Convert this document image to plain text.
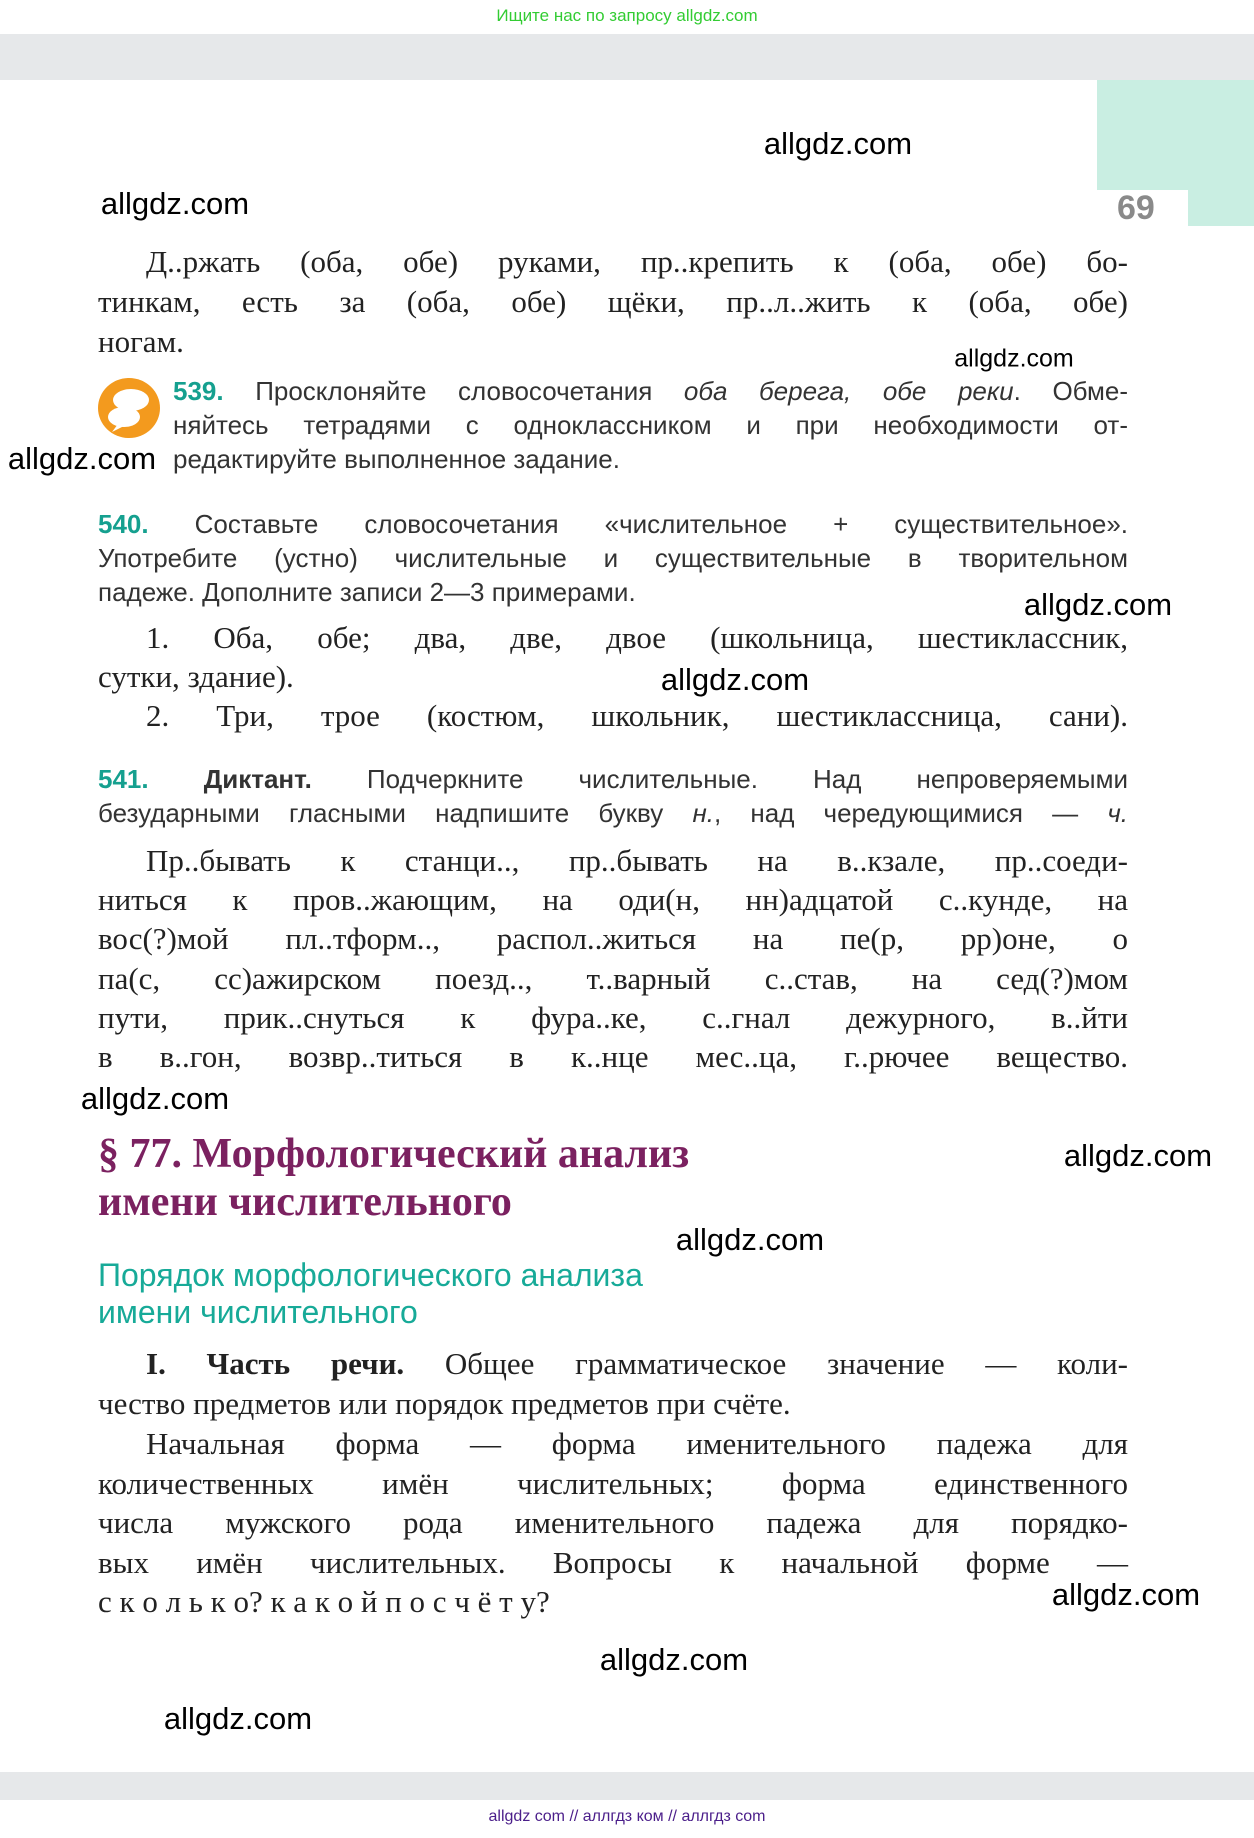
Ищите нас по запросу allgdz.com
69
Д..ржать (оба, обе) руками, пр..крепить к (оба, обе) бо-
тинкам, есть за (оба, обе) щёки, пр..л..жить к (оба, обе)
ногам.
539. Просклоняйте словосочетания оба берега, обе реки. Обме-
няйтесь тетрадями с одноклассником и при необходимости от-
редактируйте выполненное задание.
540. Составьте словосочетания «числительное + существительное».
Употребите (устно) числительные и существительные в творительном
падеже. Дополните записи 2—3 примерами.
1. Оба, обе; два, две, двое (школьница, шестиклассник,
сутки, здание).
2. Три, трое (костюм, школьник, шестиклассница, сани).
541. Диктант. Подчеркните числительные. Над непроверяемыми
безударными гласными надпишите букву н., над чередующимися — ч.
Пр..бывать к станци.., пр..бывать на в..кзале, пр..соеди-
ниться к пров..жающим, на оди(н, нн)адцатой с..кунде, на
вос(?)мой пл..тформ.., распол..житься на пе(р, рр)оне, о
па(с, сс)ажирском поезд.., т..варный с..став, на сед(?)мом
пути, прик..снуться к фура..ке, с..гнал дежурного, в..йти
в в..гон, возвр..титься в к..нце мес..ца, г..рючее вещество.
§ 77. Морфологический анализ
имени числительного
Порядок морфологического анализа
имени числительного
I. Часть речи. Общее грамматическое значение — коли-
чество предметов или порядок предметов при счёте.
Начальная форма — форма именительного падежа для
количественных имён числительных; форма единственного
числа мужского рода именительного падежа для порядко-
вых имён числительных. Вопросы к начальной форме —
с к о л ь к о? к а к о й п о с ч ё т у?
allgdz.com
allgdz.com
allgdz.com
allgdz.com
allgdz.com
allgdz.com
allgdz.com
allgdz.com
allgdz.com
allgdz.com
allgdz.com
allgdz.com
allgdz com // аллгдз ком // аллгдз com
